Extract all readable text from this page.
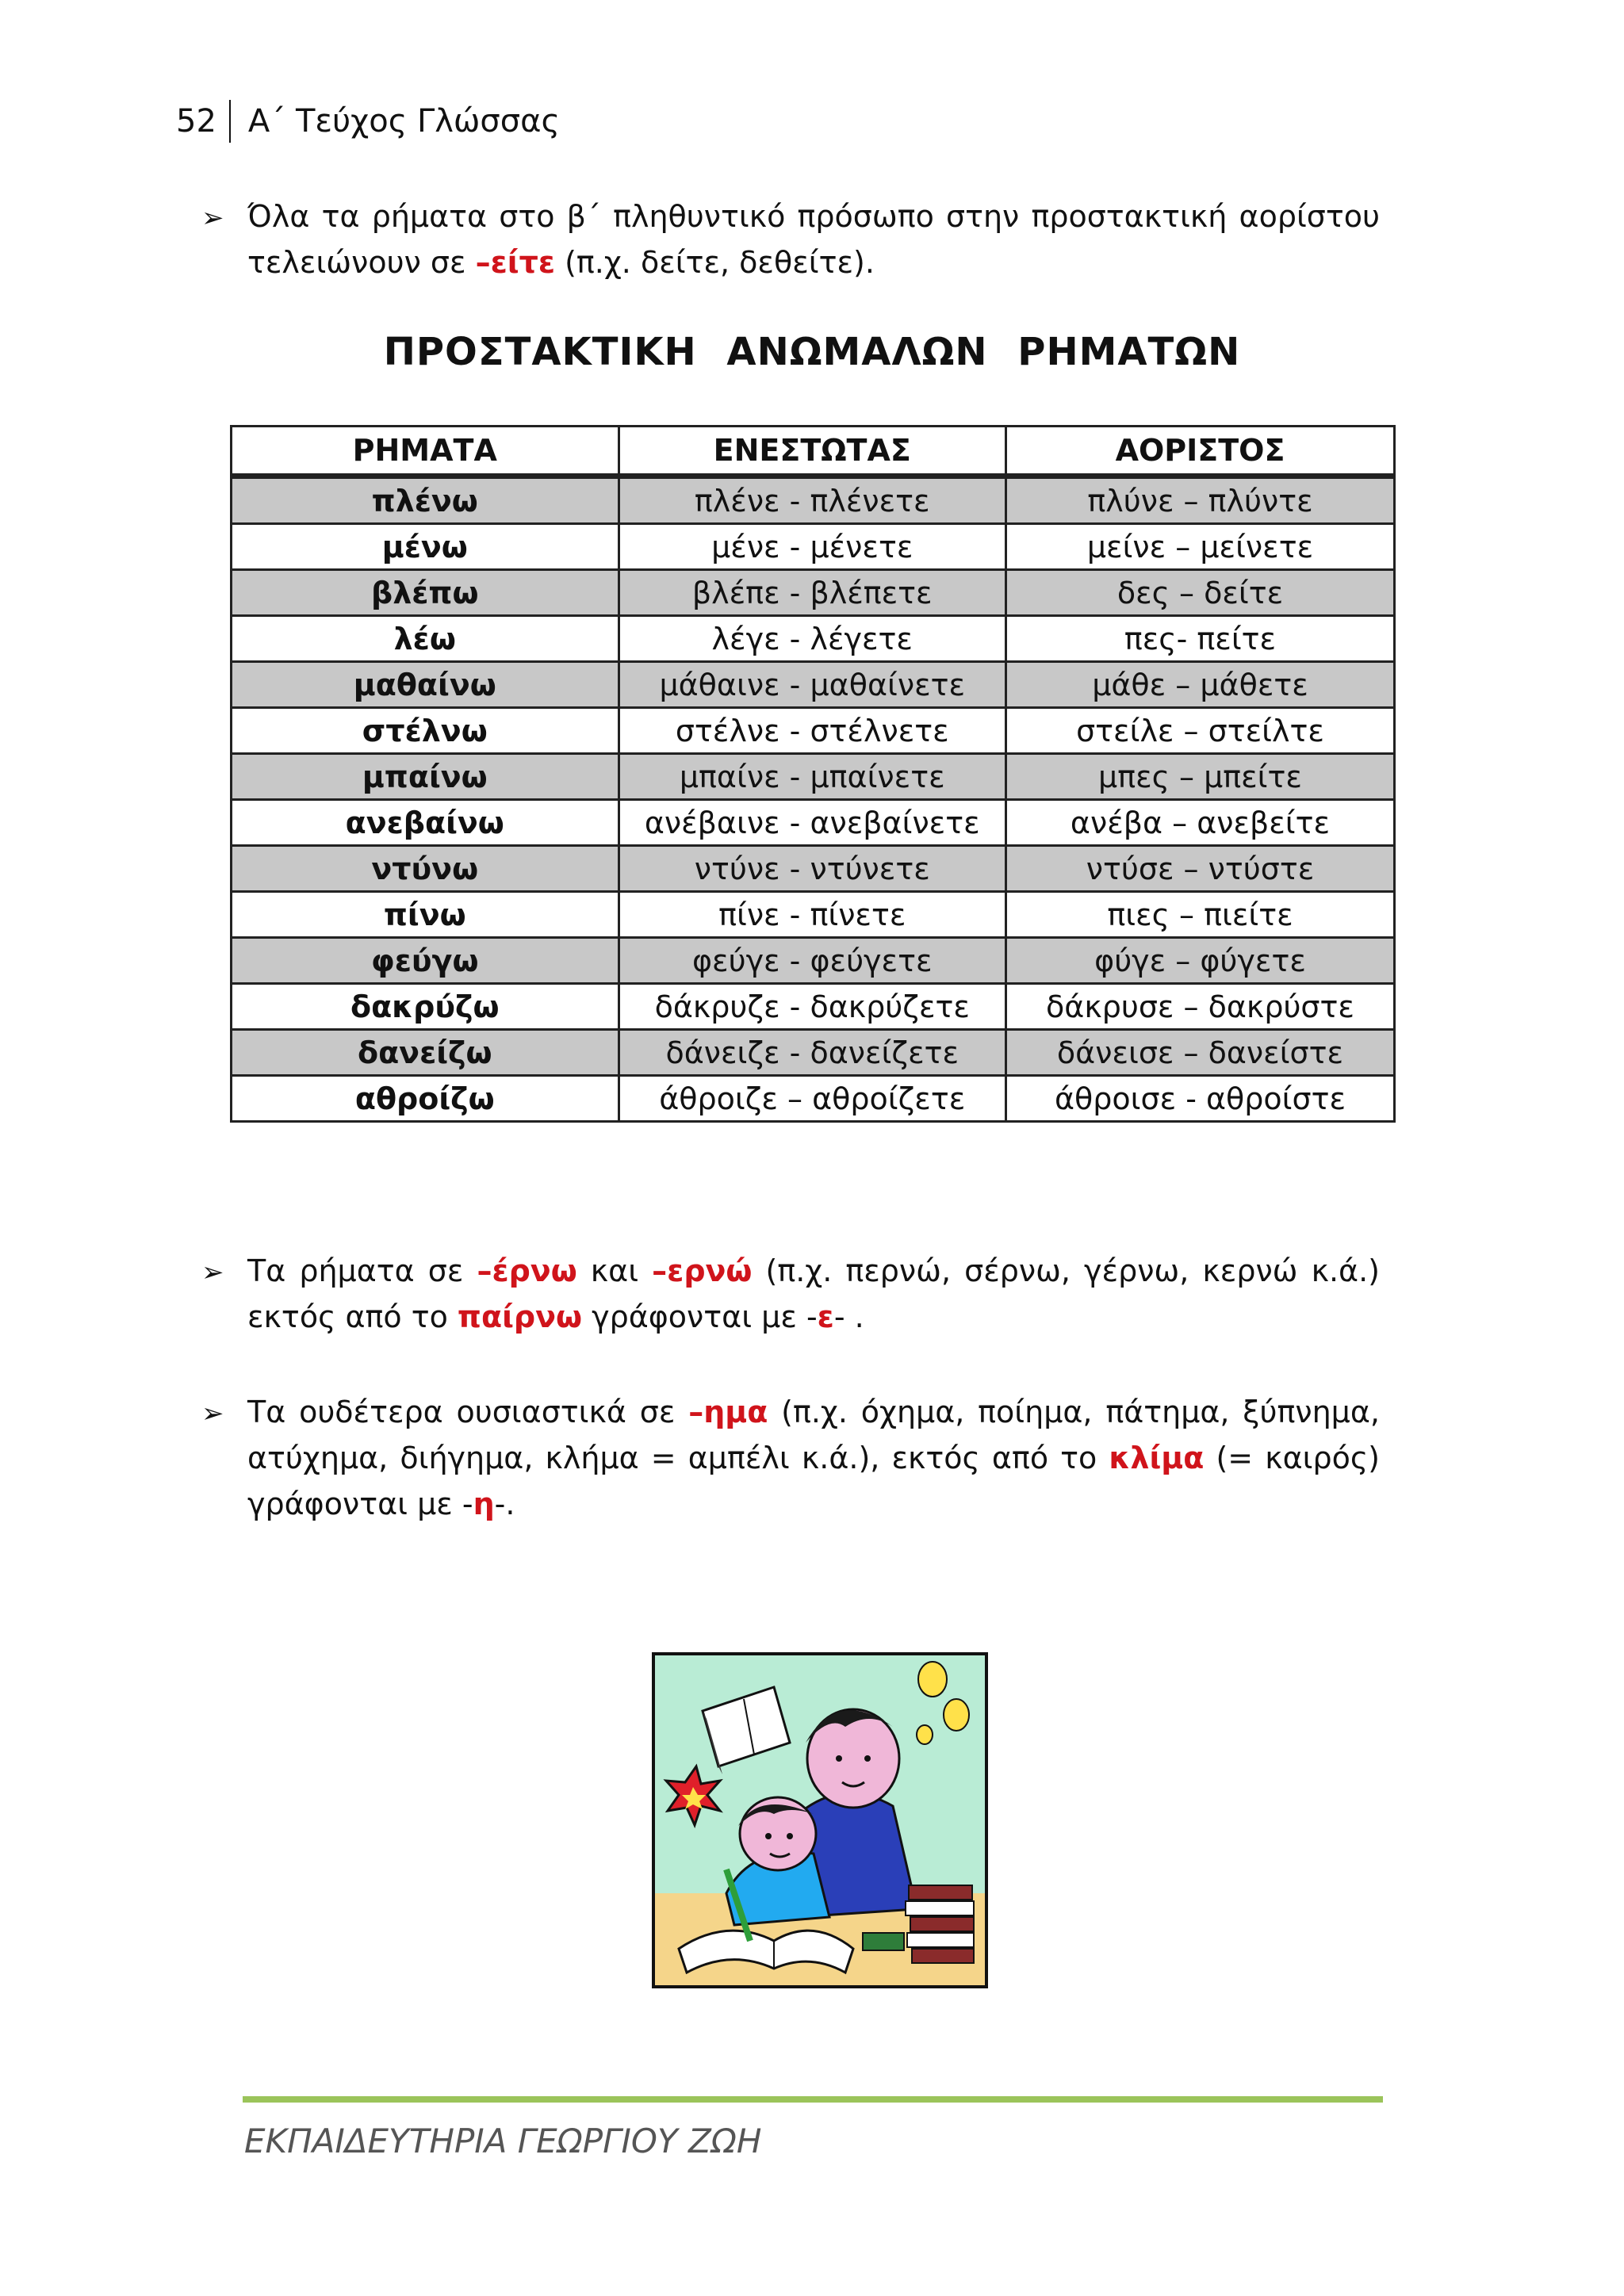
52	Α΄ Τεύχος Γλώσσας
➢ Όλα τα ρήματα στο β΄ πληθυντικό πρόσωπο στην προστακτική αορίστου τελειώνουν σε –είτε (π.χ. δείτε, δεθείτε).

ΠΡΟΣΤΑΚΤΙΚΗ ΑΝΩΜΑΛΩΝ ΡΗΜΑΤΩΝ
ΡΗΜΑΤΑ	ΕΝΕΣΤΩΤΑΣ	ΑΟΡΙΣΤΟΣ
πλένω	πλένε - πλένετε	πλύνε – πλύντε
μένω	μένε - μένετε	μείνε – μείνετε
βλέπω	βλέπε - βλέπετε	δες – δείτε
λέω	λέγε - λέγετε	πες- πείτε
μαθαίνω	μάθαινε - μαθαίνετε	μάθε – μάθετε
στέλνω	στέλνε - στέλνετε	στείλε – στείλτε
μπαίνω	μπαίνε - μπαίνετε	μπες – μπείτε
ανεβαίνω	ανέβαινε - ανεβαίνετε	ανέβα – ανεβείτε
ντύνω	ντύνε - ντύνετε	ντύσε – ντύστε
πίνω	πίνε - πίνετε	πιες – πιείτε
φεύγω	φεύγε - φεύγετε	φύγε – φύγετε
δακρύζω	δάκρυζε - δακρύζετε	δάκρυσε – δακρύστε
δανείζω	δάνειζε - δανείζετε	δάνεισε – δανείστε
αθροίζω	άθροιζε – αθροίζετε	άθροισε - αθροίστε
➢ Τα ρήματα σε –έρνω και –ερνώ (π.χ. περνώ, σέρνω, γέρνω, κερνώ κ.ά.) εκτός από το παίρνω γράφονται με -ε- .

➢ Τα ουδέτερα ουσιαστικά σε –ημα (π.χ. όχημα, ποίημα, πάτημα, ξύπνημα, ατύχημα, διήγημα, κλήμα = αμπέλι κ.ά.), εκτός από το κλίμα (= καιρός) γράφονται με -η-.

ΕΚΠΑΙΔΕΥΤΗΡΙΑ ΓΕΩΡΓΙΟΥ ΖΩΗ
